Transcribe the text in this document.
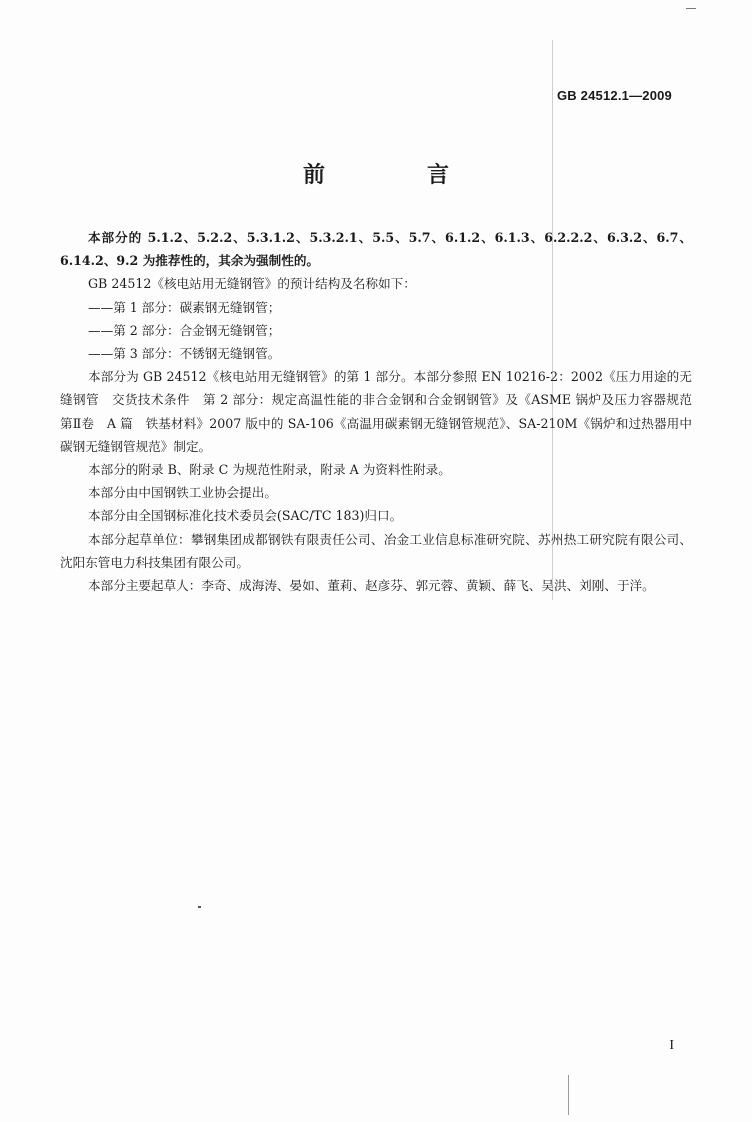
GB 24512.1—2009
前　言

本部分的 5.1.2、5.2.2、5.3.1.2、5.3.2.1、5.5、5.7、6.1.2、6.1.3、6.2.2.2、6.3.2、6.7、6.14.2、9.2 为推荐性的，其余为强制性的。

GB 24512《核电站用无缝钢管》的预计结构及名称如下：

——第 1 部分：碳素钢无缝钢管；

——第 2 部分：合金钢无缝钢管；

——第 3 部分：不锈钢无缝钢管。

本部分为 GB 24512《核电站用无缝钢管》的第 1 部分。本部分参照 EN 10216-2：2002《压力用途的无缝钢管　交货技术条件　第 2 部分：规定高温性能的非合金钢和合金钢钢管》及《ASME 锅炉及压力容器规范　第Ⅱ卷　A 篇　铁基材料》2007 版中的 SA-106《高温用碳素钢无缝钢管规范》、SA-210M《锅炉和过热器用中碳钢无缝钢管规范》制定。

本部分的附录 B、附录 C 为规范性附录，附录 A 为资料性附录。

本部分由中国钢铁工业协会提出。

本部分由全国钢标准化技术委员会(SAC/TC 183)归口。

本部分起草单位：攀钢集团成都钢铁有限责任公司、冶金工业信息标准研究院、苏州热工研究院有限公司、沈阳东管电力科技集团有限公司。

本部分主要起草人：李奇、成海涛、晏如、董莉、赵彦芬、郭元蓉、黄颖、薛飞、吴洪、刘刚、于洋。

I
